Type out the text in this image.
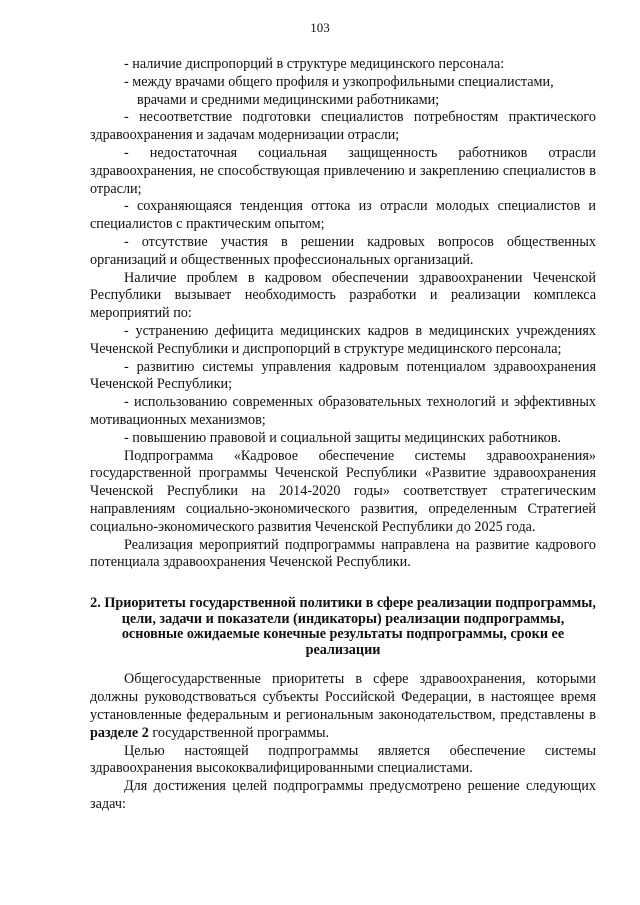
103

- наличие диспропорций в структуре медицинского персонала:

- между врачами общего профиля и узкопрофильными специалистами,

врачами и средними медицинскими работниками;

- несоответствие подготовки специалистов потребностям практического здравоохранения и задачам модернизации отрасли;

- недостаточная социальная защищенность работников отрасли здравоохранения, не способствующая привлечению и закреплению специалистов в отрасли;

- сохраняющаяся тенденция оттока из отрасли молодых специалистов и специалистов с практическим опытом;

- отсутствие участия в решении кадровых вопросов общественных организаций и общественных профессиональных организаций.

Наличие проблем в кадровом обеспечении здравоохранении Чеченской Республики вызывает необходимость разработки и реализации комплекса мероприятий по:

- устранению дефицита медицинских кадров в медицинских учреждениях Чеченской Республики и диспропорций в структуре медицинского персонала;

- развитию системы управления кадровым потенциалом здравоохранения Чеченской Республики;

- использованию современных образовательных технологий и эффективных мотивационных механизмов;

- повышению правовой и социальной защиты медицинских работников.

Подпрограмма «Кадровое обеспечение системы здравоохранения» государственной программы Чеченской Республики «Развитие здравоохранения Чеченской Республики на 2014-2020 годы» соответствует стратегическим направлениям социально-экономического развития, определенным Стратегией социально-экономического развития Чеченской Республики до 2025 года.

Реализация мероприятий подпрограммы направлена на развитие кадрового потенциала здравоохранения Чеченской Республики.

2. Приоритеты государственной политики в сфере реализации подпрограммы, цели, задачи и показатели (индикаторы) реализации подпрограммы, основные ожидаемые конечные результаты подпрограммы, сроки ее реализации

Общегосударственные приоритеты в сфере здравоохранения, которыми должны руководствоваться субъекты Российской Федерации, в настоящее время установленные федеральным и региональным законодательством, представлены в разделе 2 государственной программы.

Целью настоящей подпрограммы является обеспечение системы здравоохранения высококвалифицированными специалистами.

Для достижения целей подпрограммы предусмотрено решение следующих задач:
